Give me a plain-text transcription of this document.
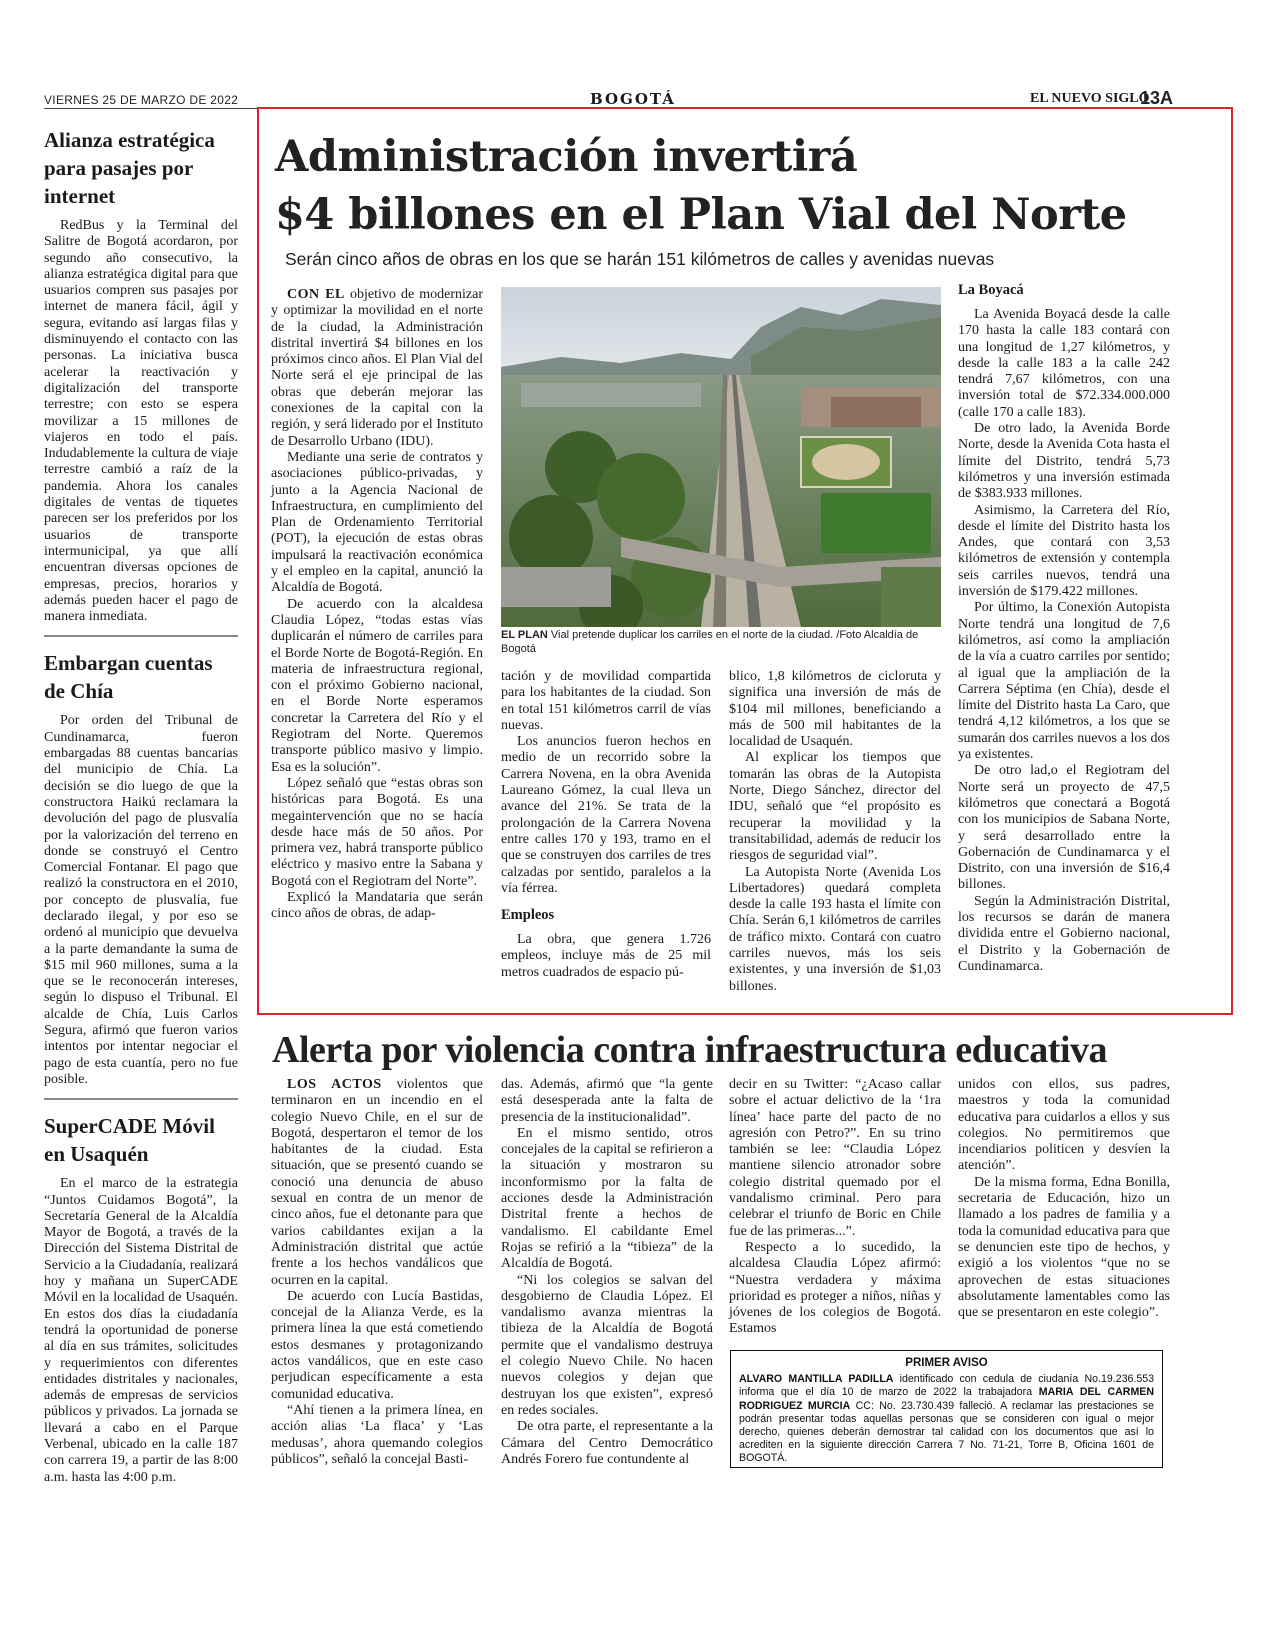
VIERNES 25 DE MARZO DE 2022	BOGOTÁ	EL NUEVO SIGLO
13A
Alianza estratégica para pasajes por internet

RedBus y la Terminal del Salitre de Bogotá acordaron, por segundo año consecutivo, la alianza estratégica digital para que usuarios compren sus pasajes por internet de manera fácil, ágil y segura, evitando así largas filas y disminuyendo el contacto con las personas. La iniciativa busca acelerar la reactivación y digitalización del transporte terrestre; con esto se espera movilizar a 15 millones de viajeros en todo el país. Indudablemente la cultura de viaje terrestre cambió a raíz de la pandemia. Ahora los canales digitales de ventas de tiquetes parecen ser los preferidos por los usuarios de transporte intermunicipal, ya que allí encuentran diversas opciones de empresas, precios, horarios y además pueden hacer el pago de manera inmediata.

Embargan cuentas de Chía

Por orden del Tribunal de Cundinamarca, fueron embargadas 88 cuentas bancarias del municipio de Chía. La decisión se dio luego de que la constructora Haikú reclamara la devolución del pago de plusvalía por la valorización del terreno en donde se construyó el Centro Comercial Fontanar. El pago que realizó la constructora en el 2010, por concepto de plusvalía, fue declarado ilegal, y por eso se ordenó al municipio que devuelva a la parte demandante la suma de $15 mil 960 millones, suma a la que se le reconocerán intereses, según lo dispuso el Tribunal. El alcalde de Chía, Luis Carlos Segura, afirmó que fueron varios intentos por intentar negociar el pago de esta cuantía, pero no fue posible.

SuperCADE Móvil en Usaquén

En el marco de la estrategia “Juntos Cuidamos Bogotá”, la Secretaría General de la Alcaldía Mayor de Bogotá, a través de la Dirección del Sistema Distrital de Servicio a la Ciudadanía, realizará hoy y mañana un SuperCADE Móvil en la localidad de Usaquén. En estos dos días la ciudadanía tendrá la oportunidad de ponerse al día en sus trámites, solicitudes y requerimientos con diferentes entidades distritales y nacionales, además de empresas de servicios públicos y privados. La jornada se llevará a cabo en el Parque Verbenal, ubicado en la calle 187 con carrera 19, a partir de las 8:00 a.m. hasta las 4:00 p.m.

Administración invertirá
$4 billones en el Plan Vial del Norte

Serán cinco años de obras en los que se harán 151 kilómetros de calles y avenidas nuevas

CON EL objetivo de modernizar y optimizar la movilidad en el norte de la ciudad, la Administración distrital invertirá $4 billones en los próximos cinco años. El Plan Vial del Norte será el eje principal de las obras que deberán mejorar las conexiones de la capital con la región, y será liderado por el Instituto de Desarrollo Urbano (IDU).

Mediante una serie de contratos y asociaciones público-privadas, y junto a la Agencia Nacional de Infraestructura, en cumplimiento del Plan de Ordenamiento Territorial (POT), la ejecución de estas obras impulsará la reactivación económica y el empleo en la capital, anunció la Alcaldía de Bogotá.

De acuerdo con la alcaldesa Claudia López, “todas estas vías duplicarán el número de carriles para el Borde Norte de Bogotá-Región. En materia de infraestructura regional, con el próximo Gobierno nacional, en el Borde Norte esperamos concretar la Carretera del Río y el Regiotram del Norte. Queremos transporte público masivo y limpio. Esa es la solución”.

López señaló que “estas obras son históricas para Bogotá. Es una megaintervención que no se hacía desde hace más de 50 años. Por primera vez, habrá transporte público eléctrico y masivo entre la Sabana y Bogotá con el Regiotram del Norte”.

Explicó la Mandataria que serán cinco años de obras, de adap-

EL PLAN Vial pretende duplicar los carriles en el norte de la ciudad. /Foto Alcaldía de Bogotá

tación y de movilidad compartida para los habitantes de la ciudad. Son en total 151 kilómetros carril de vías nuevas.

Los anuncios fueron hechos en medio de un recorrido sobre la Carrera Novena, en la obra Avenida Laureano Gómez, la cual lleva un avance del 21%. Se trata de la prolongación de la Carrera Novena entre calles 170 y 193, tramo en el que se construyen dos carriles de tres calzadas por sentido, paralelos a la vía férrea.

Empleos

La obra, que genera 1.726 empleos, incluye más de 25 mil metros cuadrados de espacio pú-

blico, 1,8 kilómetros de cicloruta y significa una inversión de más de $104 mil millones, beneficiando a más de 500 mil habitantes de la localidad de Usaquén.

Al explicar los tiempos que tomarán las obras de la Autopista Norte, Diego Sánchez, director del IDU, señaló que “el propósito es recuperar la movilidad y la transitabilidad, además de reducir los riesgos de seguridad vial”.

La Autopista Norte (Avenida Los Libertadores) quedará completa desde la calle 193 hasta el límite con Chía. Serán 6,1 kilómetros de carriles de tráfico mixto. Contará con cuatro carriles nuevos, más los seis existentes, y una inversión de $1,03 billones.

La Boyacá

La Avenida Boyacá desde la calle 170 hasta la calle 183 contará con una longitud de 1,27 kilómetros, y desde la calle 183 a la calle 242 tendrá 7,67 kilómetros, con una inversión total de $72.334.000.000 (calle 170 a calle 183).

De otro lado, la Avenida Borde Norte, desde la Avenida Cota hasta el límite del Distrito, tendrá 5,73 kilómetros y una inversión estimada de $383.933 millones.

Asimismo, la Carretera del Río, desde el límite del Distrito hasta los Andes, que contará con 3,53 kilómetros de extensión y contempla seis carriles nuevos, tendrá una inversión de $179.422 millones.

Por último, la Conexión Autopista Norte tendrá una longitud de 7,6 kilómetros, así como la ampliación de la vía a cuatro carriles por sentido; al igual que la ampliación de la Carrera Séptima (en Chía), desde el límite del Distrito hasta La Caro, que tendrá 4,12 kilómetros, a los que se sumarán dos carriles nuevos a los dos ya existentes.

De otro lad,o el Regiotram del Norte será un proyecto de 47,5 kilómetros que conectará a Bogotá con los municipios de Sabana Norte, y será desarrollado entre la Gobernación de Cundinamarca y el Distrito, con una inversión de $16,4 billones.

Según la Administración Distrital, los recursos se darán de manera dividida entre el Gobierno nacional, el Distrito y la Gobernación de Cundinamarca.

Alerta por violencia contra infraestructura educativa

LOS ACTOS violentos que terminaron en un incendio en el colegio Nuevo Chile, en el sur de Bogotá, despertaron el temor de los habitantes de la ciudad. Esta situación, que se presentó cuando se conoció una denuncia de abuso sexual en contra de un menor de cinco años, fue el detonante para que varios cabildantes exijan a la Administración distrital que actúe frente a los hechos vandálicos que ocurren en la capital.

De acuerdo con Lucía Bastidas, concejal de la Alianza Verde, es la primera línea la que está cometiendo estos desmanes y protagonizando actos vandálicos, que en este caso perjudican específicamente a esta comunidad educativa.

“Ahí tienen a la primera línea, en acción alias ‘La flaca’ y ‘Las medusas’, ahora quemando colegios públicos”, señaló la concejal Basti-

das. Además, afirmó que “la gente está desesperada ante la falta de presencia de la institucionalidad”.

En el mismo sentido, otros concejales de la capital se refirieron a la situación y mostraron su inconformismo por la falta de acciones desde la Administración Distrital frente a hechos de vandalismo. El cabildante Emel Rojas se refirió a la “tibieza” de la Alcaldía de Bogotá.

“Ni los colegios se salvan del desgobierno de Claudia López. El vandalismo avanza mientras la tibieza de la Alcaldía de Bogotá permite que el vandalismo destruya el colegio Nuevo Chile. No hacen nuevos colegios y dejan que destruyan los que existen”, expresó en redes sociales.

De otra parte, el representante a la Cámara del Centro Democrático Andrés Forero fue contundente al

decir en su Twitter: “¿Acaso callar sobre el actuar delictivo de la ‘1ra línea’ hace parte del pacto de no agresión con Petro?”. En su trino también se lee: “Claudia López mantiene silencio atronador sobre colegio distrital quemado por el vandalismo criminal. Pero para celebrar el triunfo de Boric en Chile fue de las primeras...”.

Respecto a lo sucedido, la alcaldesa Claudia López afirmó: “Nuestra verdadera y máxima prioridad es proteger a niños, niñas y jóvenes de los colegios de Bogotá. Estamos

unidos con ellos, sus padres, maestros y toda la comunidad educativa para cuidarlos a ellos y sus colegios. No permitiremos que incendiarios politicen y desvíen la atención”.

De la misma forma, Edna Bonilla, secretaria de Educación, hizo un llamado a los padres de familia y a toda la comunidad educativa para que se denuncien este tipo de hechos, y exigió a los violentos “que no se aprovechen de estas situaciones absolutamente lamentables como las que se presentaron en este colegio”.

PRIMER AVISO
ALVARO MANTILLA PADILLA identificado con cedula de ciudanía No.19.236.553 informa que el día 10 de marzo de 2022 la trabajadora MARIA DEL CARMEN RODRIGUEZ MURCIA CC: No. 23.730.439 falleció. A reclamar las prestaciones se podrán presentar todas aquellas personas que se consideren con igual o mejor derecho, quienes deberán demostrar tal calidad con los documentos que así lo acrediten en la siguiente dirección Carrera 7 No. 71-21, Torre B, Oficina 1601 de BOGOTÁ.
